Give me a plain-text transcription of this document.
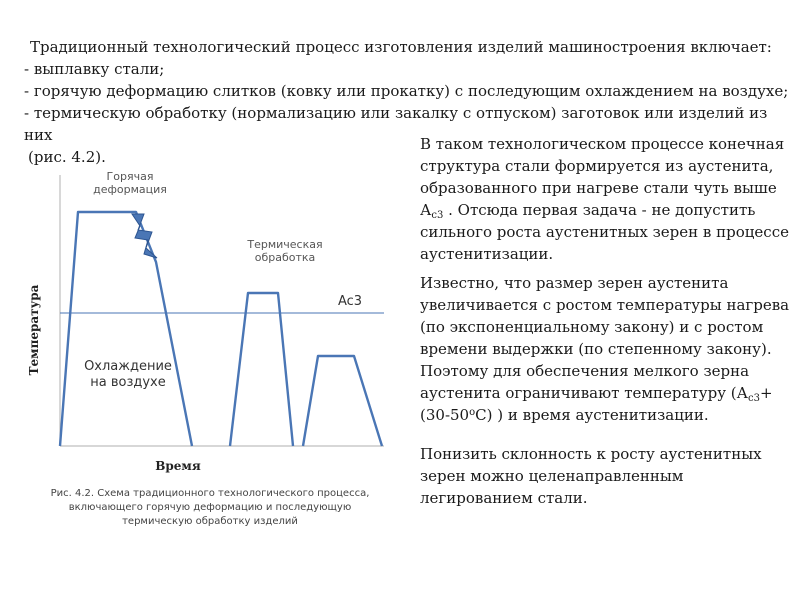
Традиционный технологический процесс изготовления изделий машиностроения включает:

- выплавку стали;

- горячую деформацию слитков (ковку или прокатку) с последующим охлаждением на воздухе;

- термическую обработку (нормализацию или закалку с отпуском) заготовок или изделий из них

(рис. 4.2).

В таком технологическом процессе конечная структура стали формируется из аустенита, образованного при нагреве стали чуть выше $А_{с3}$ . Отсюда первая задача - не допустить сильного роста аустенитных зерен в процессе аустенитизации.

Известно, что размер зерен аустенита увеличивается с ростом температуры нагрева (по экспоненциальному закону) и с ростом времени выдержки (по степенному закону). Поэтому для обеспечения мелкого зерна аустенита ограничивают температуру ($А_{с3}+(30-50^оС)$ ) и время аустенитизации.

Понизить склонность к росту аустенитных зерен можно целенаправленным легированием стали.

Горячая
деформация
Термическая
обработка
Ac3
Охлаждение
на воздухе
Температура
Время
Рис. 4.2. Схема традиционного технологического процесса,
включающего горячую деформацию и последующую
термическую обработку изделий
